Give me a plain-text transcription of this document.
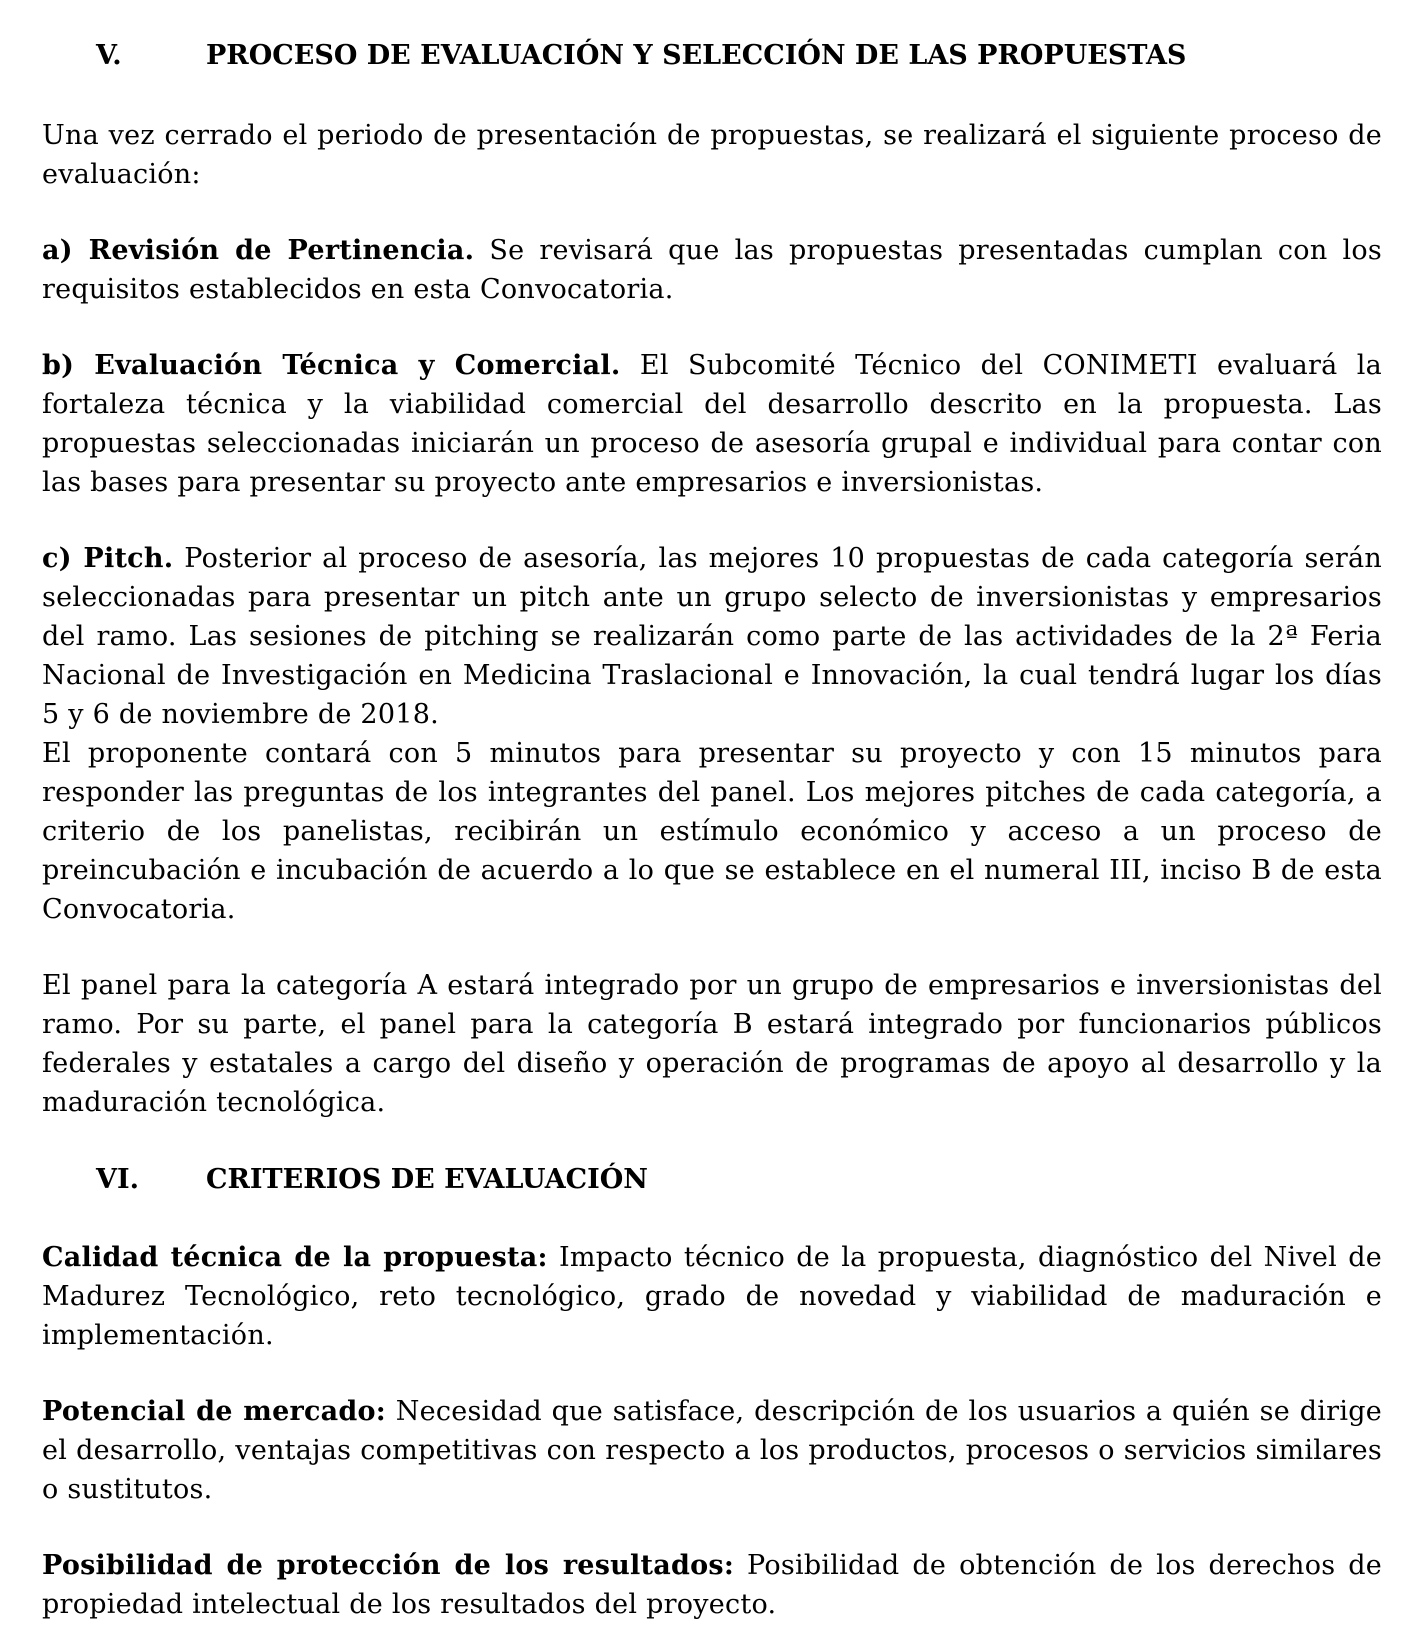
V.	PROCESO DE EVALUACIÓN Y SELECCIÓN DE LAS PROPUESTAS

Una vez cerrado el periodo de presentación de propuestas, se realizará el siguiente proceso de evaluación:

a) Revisión de Pertinencia. Se revisará que las propuestas presentadas cumplan con los requisitos establecidos en esta Convocatoria.

b) Evaluación Técnica y Comercial. El Subcomité Técnico del CONIMETI evaluará la fortaleza técnica y la viabilidad comercial del desarrollo descrito en la propuesta. Las propuestas seleccionadas iniciarán un proceso de asesoría grupal e individual para contar con las bases para presentar su proyecto ante empresarios e inversionistas.

c) Pitch. Posterior al proceso de asesoría, las mejores 10 propuestas de cada categoría serán seleccionadas para presentar un pitch ante un grupo selecto de inversionistas y empresarios del ramo. Las sesiones de pitching se realizarán como parte de las actividades de la 2ª Feria Nacional de Investigación en Medicina Traslacional e Innovación, la cual tendrá lugar los días 5 y 6 de noviembre de 2018.

El proponente contará con 5 minutos para presentar su proyecto y con 15 minutos para responder las preguntas de los integrantes del panel. Los mejores pitches de cada categoría, a criterio de los panelistas, recibirán un estímulo económico y acceso a un proceso de preincubación e incubación de acuerdo a lo que se establece en el numeral III, inciso B de esta Convocatoria.

El panel para la categoría A estará integrado por un grupo de empresarios e inversionistas del ramo. Por su parte, el panel para la categoría B estará integrado por funcionarios públicos federales y estatales a cargo del diseño y operación de programas de apoyo al desarrollo y la maduración tecnológica.

VI.	CRITERIOS DE EVALUACIÓN

Calidad técnica de la propuesta: Impacto técnico de la propuesta, diagnóstico del Nivel de Madurez Tecnológico, reto tecnológico, grado de novedad y viabilidad de maduración e implementación.

Potencial de mercado: Necesidad que satisface, descripción de los usuarios a quién se dirige el desarrollo, ventajas competitivas con respecto a los productos, procesos o servicios similares o sustitutos.

Posibilidad de protección de los resultados: Posibilidad de obtención de los derechos de propiedad intelectual de los resultados del proyecto.
